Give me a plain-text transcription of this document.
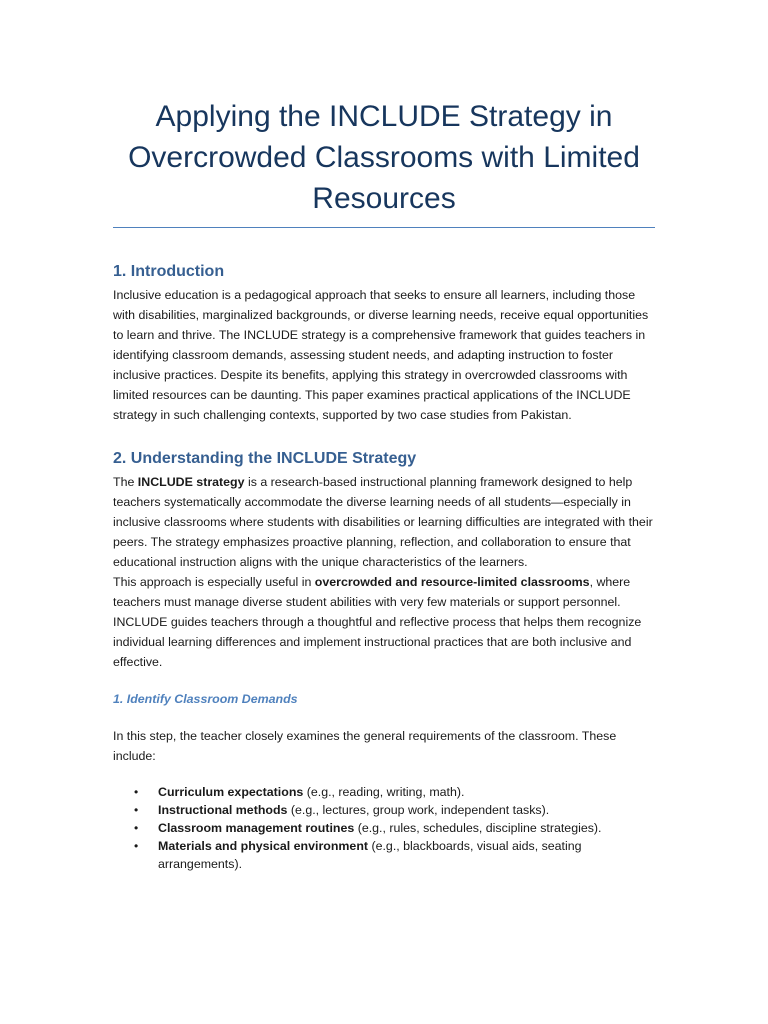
Applying the INCLUDE Strategy in Overcrowded Classrooms with Limited Resources
1. Introduction

Inclusive education is a pedagogical approach that seeks to ensure all learners, including those with disabilities, marginalized backgrounds, or diverse learning needs, receive equal opportunities to learn and thrive. The INCLUDE strategy is a comprehensive framework that guides teachers in identifying classroom demands, assessing student needs, and adapting instruction to foster inclusive practices. Despite its benefits, applying this strategy in overcrowded classrooms with limited resources can be daunting. This paper examines practical applications of the INCLUDE strategy in such challenging contexts, supported by two case studies from Pakistan.

2. Understanding the INCLUDE Strategy

The INCLUDE strategy is a research-based instructional planning framework designed to help teachers systematically accommodate the diverse learning needs of all students—especially in inclusive classrooms where students with disabilities or learning difficulties are integrated with their peers. The strategy emphasizes proactive planning, reflection, and collaboration to ensure that educational instruction aligns with the unique characteristics of the learners.

This approach is especially useful in overcrowded and resource-limited classrooms, where teachers must manage diverse student abilities with very few materials or support personnel. INCLUDE guides teachers through a thoughtful and reflective process that helps them recognize individual learning differences and implement instructional practices that are both inclusive and effective.

1. Identify Classroom Demands

In this step, the teacher closely examines the general requirements of the classroom. These include:

• Curriculum expectations (e.g., reading, writing, math).
• Instructional methods (e.g., lectures, group work, independent tasks).
• Classroom management routines (e.g., rules, schedules, discipline strategies).
• Materials and physical environment (e.g., blackboards, visual aids, seating arrangements).
